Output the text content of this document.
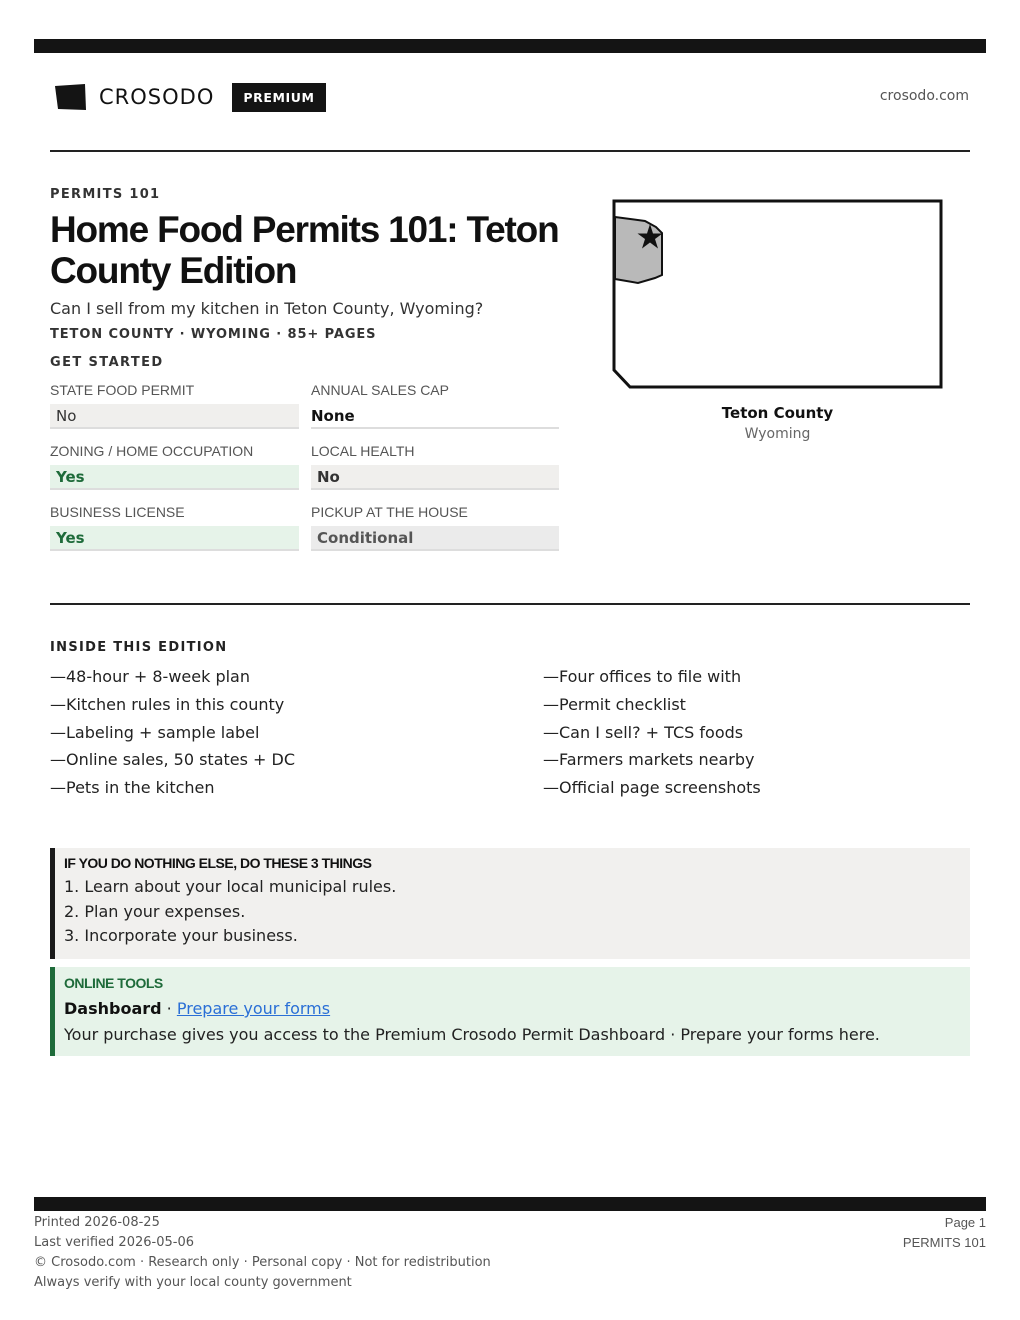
CROSODO	PREMIUM	crosodo.com
PERMITS 101
Home Food Permits 101: Teton County Edition
Can I sell from my kitchen in Teton County, Wyoming?
TETON COUNTY · WYOMING · 85+ PAGES
GET STARTED
STATE FOOD PERMIT
No
ANNUAL SALES CAP
None
ZONING / HOME OCCUPATION
Yes
LOCAL HEALTH
No
BUSINESS LICENSE
Yes
PICKUP AT THE HOUSE
Conditional
Teton County
Wyoming
INSIDE THIS EDITION
—48-hour + 8-week plan
—Kitchen rules in this county
—Labeling + sample label
—Online sales, 50 states + DC
—Pets in the kitchen
—Four offices to file with
—Permit checklist
—Can I sell? + TCS foods
—Farmers markets nearby
—Official page screenshots
IF YOU DO NOTHING ELSE, DO THESE 3 THINGS
1. Learn about your local municipal rules.
2. Plan your expenses.
3. Incorporate your business.
ONLINE TOOLS
Dashboard · Prepare your forms
Your purchase gives you access to the Premium Crosodo Permit Dashboard · Prepare your forms here.
Printed 2026-08-25
Last verified 2026-05-06
© Crosodo.com · Research only · Personal copy · Not for redistribution
Always verify with your local county government
Page 1
PERMITS 101
